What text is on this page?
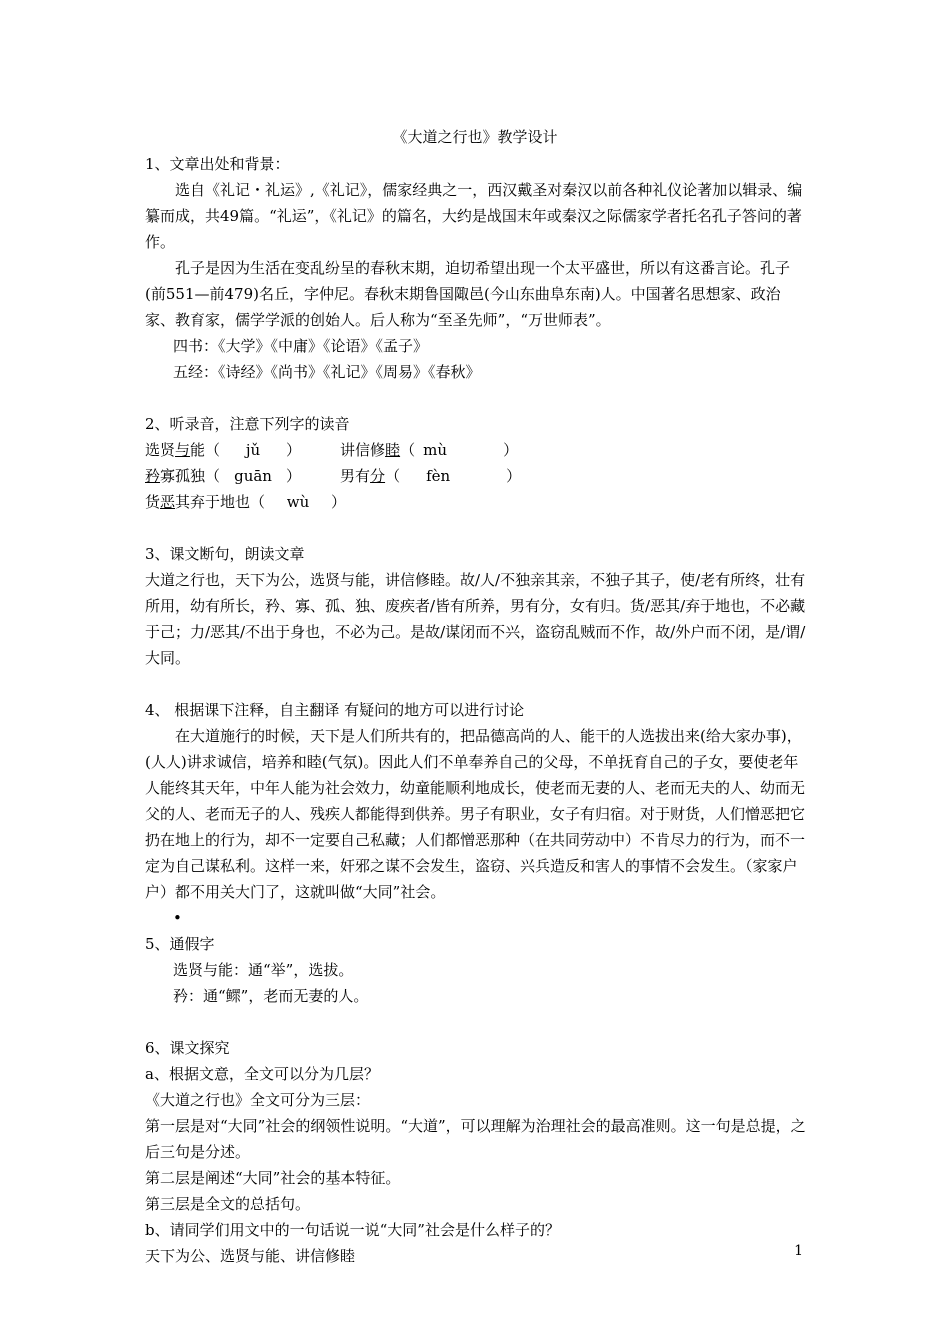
《大道之行也》教学设计

1、文章出处和背景：

选自《礼记・礼运》,《礼记》，儒家经典之一，西汉戴圣对秦汉以前各种礼仪论著加以辑录、编纂而成，共49篇。“礼运”，《礼记》的篇名，大约是战国末年或秦汉之际儒家学者托名孔子答问的著作。

孔子是因为生活在变乱纷呈的春秋末期，迫切希望出现一个太平盛世，所以有这番言论。孔子(前551—前479)名丘，字仲尼。春秋末期鲁国陬邑(今山东曲阜东南)人。中国著名思想家、政治家、教育家，儒学学派的创始人。后人称为“至圣先师”，“万世师表”。

四书：《大学》《中庸》《论语》《孟子》

五经：《诗经》《尚书》《礼记》《周易》《春秋》

2、听录音，注意下列字的读音

选贤 与 能（	jǔ	）	讲信修 睦 （ mù	）
矜 寡孤独（ guān ）	男有 分 （	fèn	）
货 恶 其弃于地也（	wù	）

3、课文断句，朗读文章

大道之行也，天下为公，选贤与能，讲信修睦。故/人/不独亲其亲，不独子其子，使/老有所终，壮有所用，幼有所长，矜、寡、孤、独、废疾者/皆有所养，男有分，女有归。货/恶其/弃于地也，不必藏于己；力/恶其/不出于身也，不必为己。是故/谋闭而不兴，盗窃乱贼而不作，故/外户而不闭，是/谓/大同。

4、 根据课下注释，自主翻译 有疑问的地方可以进行讨论

在大道施行的时候，天下是人们所共有的，把品德高尚的人、能干的人选拔出来(给大家办事)，(人人)讲求诚信，培养和睦(气氛)。因此人们不单奉养自己的父母，不单抚育自己的子女，要使老年人能终其天年，中年人能为社会效力，幼童能顺利地成长，使老而无妻的人、老而无夫的人、幼而无父的人、老而无子的人、残疾人都能得到供养。男子有职业，女子有归宿。对于财货，人们憎恶把它扔在地上的行为，却不一定要自己私藏；人们都憎恶那种（在共同劳动中）不肯尽力的行为，而不一定为自己谋私利。这样一来，奸邪之谋不会发生，盗窃、兴兵造反和害人的事情不会发生。（家家户户）都不用关大门了，这就叫做“大同”社会。

•

5、通假字

选贤与能：通“举”，选拔。

矜：通“鳏”，老而无妻的人。

6、课文探究

a、根据文意，全文可以分为几层？

《大道之行也》全文可分为三层：

第一层是对“大同”社会的纲领性说明。“大道”，可以理解为治理社会的最高准则。这一句是总提，之后三句是分述。

第二层是阐述“大同”社会的基本特征。

第三层是全文的总括句。

b、请同学们用文中的一句话说一说“大同”社会是什么样子的？

天下为公、选贤与能、讲信修睦	1
